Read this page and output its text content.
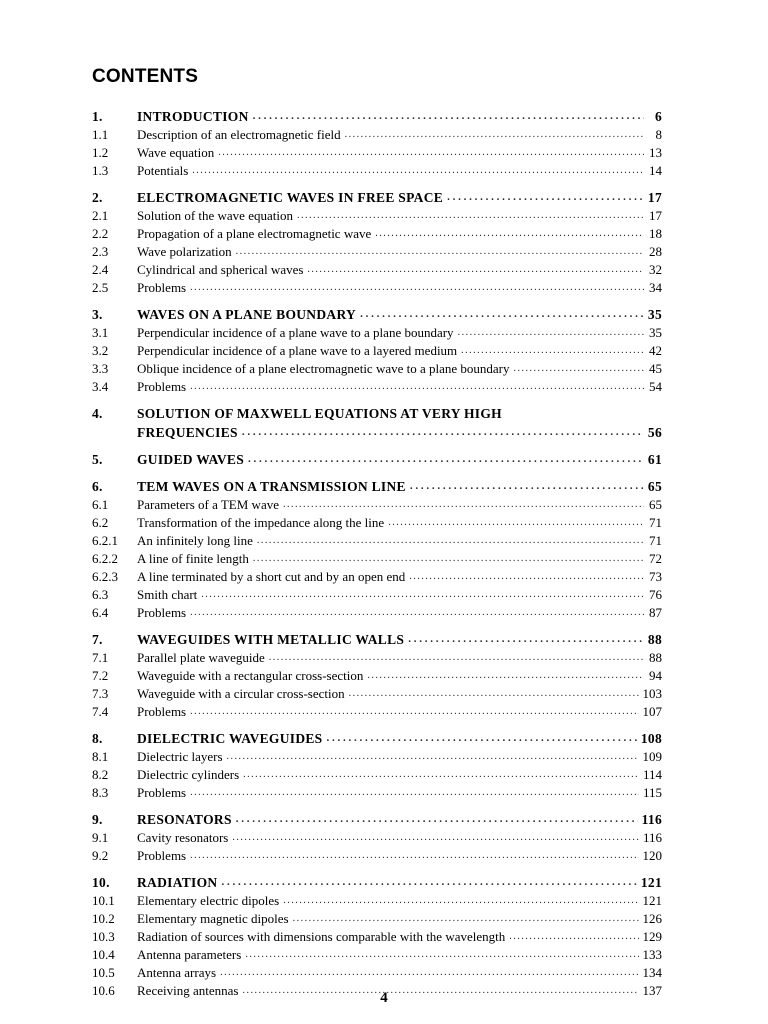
CONTENTS
1.	INTRODUCTION . . .	6
1.1	Description of an electromagnetic field . . .	8
1.2	Wave equation . . .	13
1.3	Potentials . . .	14
2.	ELECTROMAGNETIC WAVES IN FREE SPACE . . .	17
2.1	Solution of the wave equation . . .	17
2.2	Propagation of a plane electromagnetic wave . . .	18
2.3	Wave polarization . . .	28
2.4	Cylindrical and spherical waves . . .	32
2.5	Problems . . .	34
3.	WAVES ON A PLANE BOUNDARY . . .	35
3.1	Perpendicular incidence of a plane wave to a plane boundary . . .	35
3.2	Perpendicular incidence of a plane wave to a layered medium . . .	42
3.3	Oblique incidence of a plane electromagnetic wave to a plane boundary . . .	45
3.4	Problems . . .	54
4.	SOLUTION OF MAXWELL EQUATIONS AT VERY HIGH
FREQUENCIES . . .	56
5.	GUIDED WAVES . . .	61
6.	TEM WAVES ON A TRANSMISSION LINE . . .	65
6.1	Parameters of a TEM wave . . .	65
6.2	Transformation of the impedance along the line . . .	71
6.2.1	An infinitely long line . . .	71
6.2.2	A line of finite length . . .	72
6.2.3	A line terminated by a short cut and by an open end . . .	73
6.3	Smith chart . . .	76
6.4	Problems . . .	87
7.	WAVEGUIDES WITH METALLIC WALLS . . .	88
7.1	Parallel plate waveguide . . .	88
7.2	Waveguide with a rectangular cross-section . . .	94
7.3	Waveguide with a circular cross-section . . .	103
7.4	Problems . . .	107
8.	DIELECTRIC WAVEGUIDES . . .	108
8.1	Dielectric layers . . .	109
8.2	Dielectric cylinders . . .	114
8.3	Problems . . .	115
9.	RESONATORS . . .	116
9.1	Cavity resonators . . .	116
9.2	Problems . . .	120
10.	RADIATION . . .	121
10.1	Elementary electric dipoles . . .	121
10.2	Elementary magnetic dipoles . . .	126
10.3	Radiation of sources with dimensions comparable with the wavelength . . .	129
10.4	Antenna parameters . . .	133
10.5	Antenna arrays . . .	134
10.6	Receiving antennas . . .	137
4
